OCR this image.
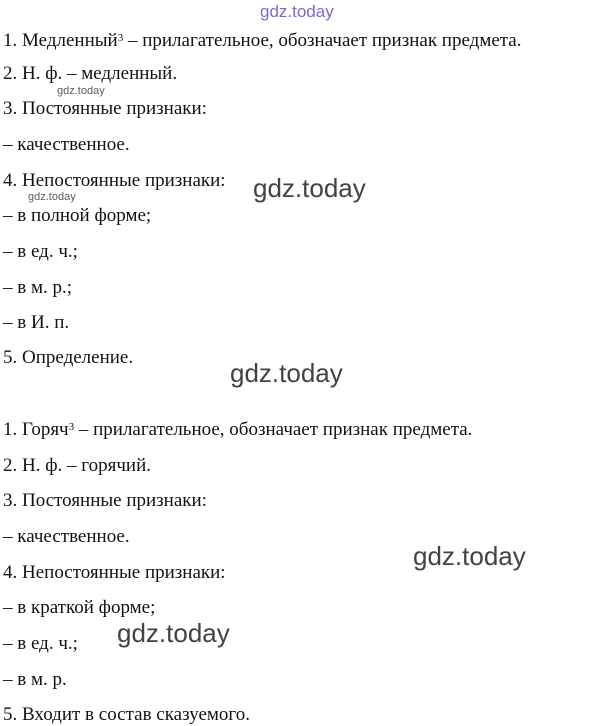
gdz.today
1. Медленный$^3$ – прилагательное, обозначает признак предмета.
2. Н. ф. – медленный.
gdz.today
3. Постоянные признаки:
– качественное.
4. Непостоянные признаки: gdz.today
gdz.today
– в полной форме;
– в ед. ч.;
– в м. р.;
– в И. п.
5. Определение.
gdz.today
1. Горяч$^3$ – прилагательное, обозначает признак предмета.
2. Н. ф. – горячий.
3. Постоянные признаки:
– качественное.
gdz.today
4. Непостоянные признаки:
– в краткой форме;
gdz.today
– в ед. ч.;
– в м. р.
5. Входит в состав сказуемого.
